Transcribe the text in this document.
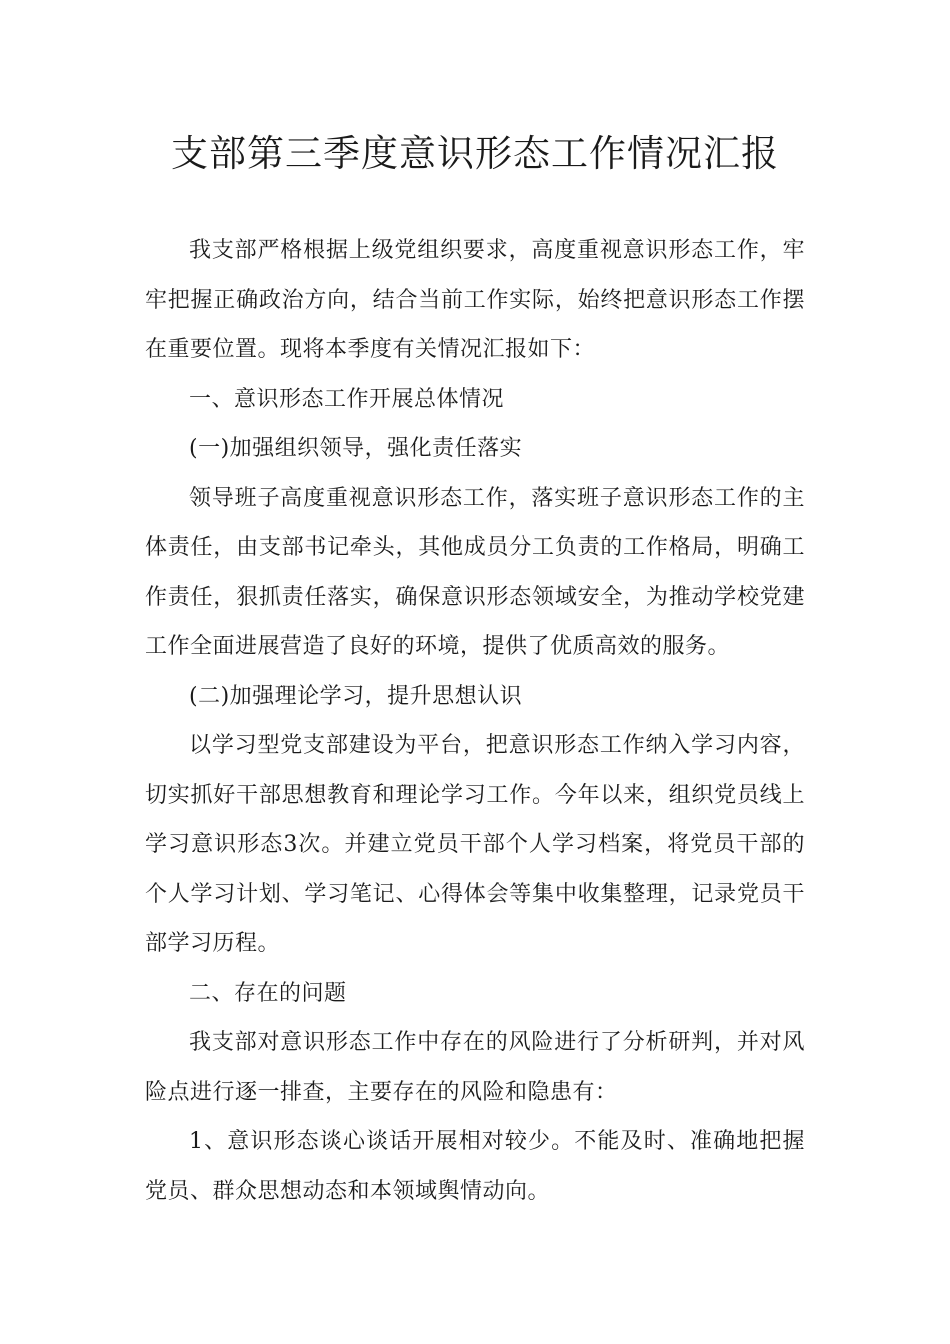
支部第三季度意识形态工作情况汇报

我支部严格根据上级党组织要求，高度重视意识形态工作，牢牢把握正确政治方向，结合当前工作实际，始终把意识形态工作摆在重要位置。现将本季度有关情况汇报如下：

一、意识形态工作开展总体情况

(一)加强组织领导，强化责任落实

领导班子高度重视意识形态工作，落实班子意识形态工作的主体责任，由支部书记牵头，其他成员分工负责的工作格局，明确工作责任，狠抓责任落实，确保意识形态领域安全，为推动学校党建工作全面进展营造了良好的环境，提供了优质高效的服务。

(二)加强理论学习，提升思想认识

以学习型党支部建设为平台，把意识形态工作纳入学习内容，切实抓好干部思想教育和理论学习工作。今年以来，组织党员线上学习意识形态3次。并建立党员干部个人学习档案，将党员干部的个人学习计划、学习笔记、心得体会等集中收集整理，记录党员干部学习历程。

二、存在的问题

我支部对意识形态工作中存在的风险进行了分析研判，并对风险点进行逐一排查，主要存在的风险和隐患有：

1、意识形态谈心谈话开展相对较少。不能及时、准确地把握党员、群众思想动态和本领域舆情动向。
